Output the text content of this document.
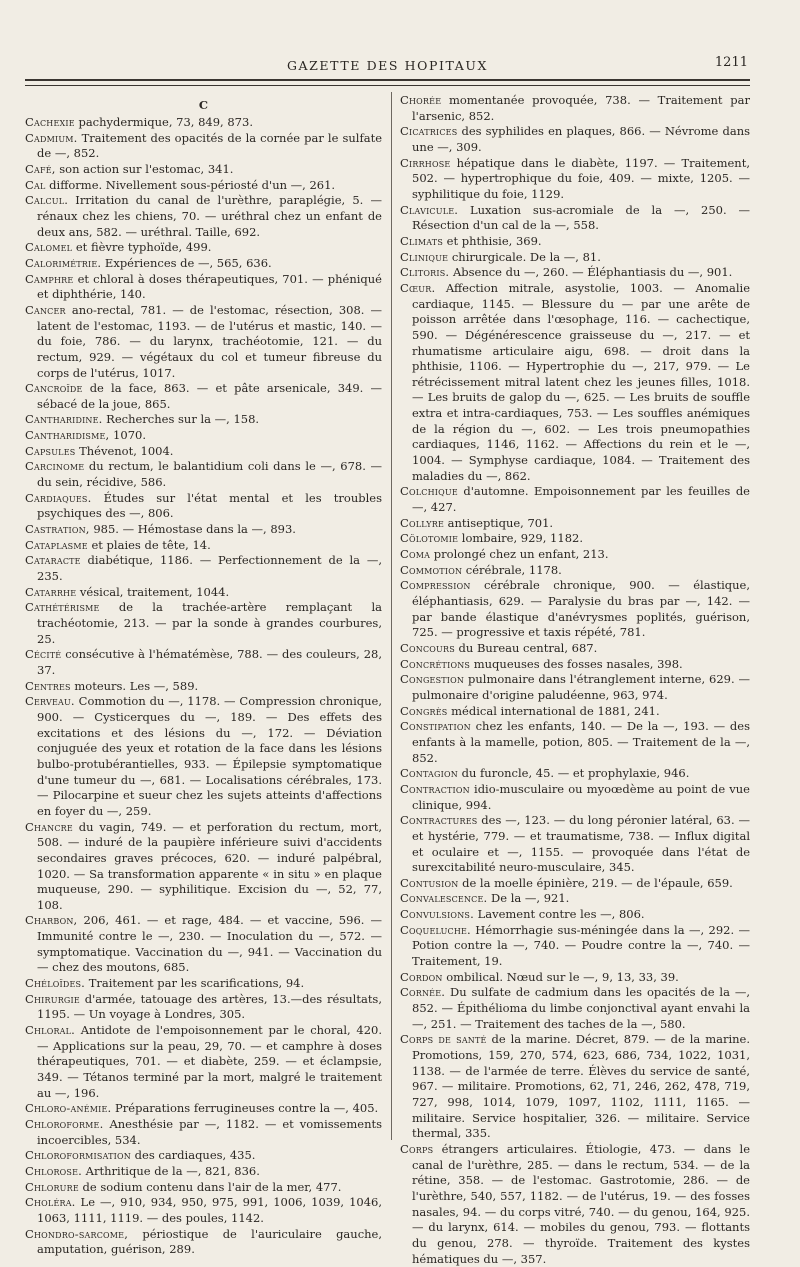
GAZETTE DES HOPITAUX	1211
C

Cachexie pachydermique, 73, 849, 873.

Cadmium. Traitement des opacités de la cornée par le sulfate de —, 852.

Café, son action sur l'estomac, 341.

Cal difforme. Nivellement sous-périosté d'un —, 261.

Calcul. Irritation du canal de l'urèthre, paraplégie, 5. — rénaux chez les chiens, 70. — uréthral chez un enfant de deux ans, 582. — uréthral. Taille, 692.

Calomel et fièvre typhoïde, 499.

Calorimétrie. Expériences de —, 565, 636.

Camphre et chloral à doses thérapeutiques, 701. — phéniqué et diphthérie, 140.

Cancer ano-rectal, 781. — de l'estomac, résection, 308. — latent de l'estomac, 1193. — de l'utérus et mastic, 140. — du foie, 786. — du larynx, trachéotomie, 121. — du rectum, 929. — végétaux du col et tumeur fibreuse du corps de l'utérus, 1017.

Cancroïde de la face, 863. — et pâte arsenicale, 349. — sébacé de la joue, 865.

Cantharidine. Recherches sur la —, 158.

Cantharidisme, 1070.

Capsules Thévenot, 1004.

Carcinome du rectum, le balantidium coli dans le —, 678. — du sein, récidive, 586.

Cardiaques. Études sur l'état mental et les troubles psychiques des —, 806.

Castration, 985. — Hémostase dans la —, 893.

Cataplasme et plaies de tête, 14.

Cataracte diabétique, 1186. — Perfectionnement de la —, 235.

Catarrhe vésical, traitement, 1044.

Cathétérisme de la trachée-artère remplaçant la trachéotomie, 213. — par la sonde à grandes courbures, 25.

Cécité consécutive à l'hématémèse, 788. — des couleurs, 28, 37.

Centres moteurs. Les —, 589.

Cerveau. Commotion du —, 1178. — Compression chronique, 900. — Cysticerques du —, 189. — Des effets des excitations et des lésions du —, 172. — Déviation conjuguée des yeux et rotation de la face dans les lésions bulbo-protubérantielles, 933. — Épilepsie symptomatique d'une tumeur du —, 681. — Localisations cérébrales, 173. — Pilocarpine et sueur chez les sujets atteints d'affections en foyer du —, 259.

Chancre du vagin, 749. — et perforation du rectum, mort, 508. — induré de la paupière inférieure suivi d'accidents secondaires graves précoces, 620. — induré palpébral, 1020. — Sa transformation apparente « in situ » en plaque muqueuse, 290. — syphilitique. Excision du —, 52, 77, 108.

Charbon, 206, 461. — et rage, 484. — et vaccine, 596. — Immunité contre le —, 230. — Inoculation du —, 572. — symptomatique. Vaccination du —, 941. — Vaccination du — chez des moutons, 685.

Chéloïdes. Traitement par les scarifications, 94.

Chirurgie d'armée, tatouage des artères, 13.—des résultats, 1195. — Un voyage à Londres, 305.

Chloral. Antidote de l'empoisonnement par le choral, 420. — Applications sur la peau, 29, 70. — et camphre à doses thérapeutiques, 701. — et diabète, 259. — et éclampsie, 349. — Tétanos terminé par la mort, malgré le traitement au —, 196.

Chloro-anémie. Préparations ferrugineuses contre la —, 405.

Chloroforme. Anesthésie par —, 1182. — et vomissements incoercibles, 534.

Chloroformisation des cardiaques, 435.

Chlorose. Arthritique de la —, 821, 836.

Chlorure de sodium contenu dans l'air de la mer, 477.

Choléra. Le —, 910, 934, 950, 975, 991, 1006, 1039, 1046, 1063, 1111, 1119. — des poules, 1142.

Chondro-sarcome, périostique de l'auriculaire gauche, amputation, guérison, 289.

Chorée momentanée provoquée, 738. — Traitement par l'arsenic, 852.

Cicatrices des syphilides en plaques, 866. — Névrome dans une —, 309.

Cirrhose hépatique dans le diabète, 1197. — Traitement, 502. — hypertrophique du foie, 409. — mixte, 1205. — syphilitique du foie, 1129.

Clavicule. Luxation sus-acromiale de la —, 250. — Résection d'un cal de la —, 558.

Climats et phthisie, 369.

Clinique chirurgicale. De la —, 81.

Clitoris. Absence du —, 260. — Éléphantiasis du —, 901.

Cœur. Affection mitrale, asystolie, 1003. — Anomalie cardiaque, 1145. — Blessure du — par une arête de poisson arrêtée dans l'œsophage, 116. — cachectique, 590. — Dégénérescence graisseuse du —, 217. — et rhumatisme articulaire aigu, 698. — droit dans la phthisie, 1106. — Hypertrophie du —, 217, 979. — Le rétrécissement mitral latent chez les jeunes filles, 1018. — Les bruits de galop du —, 625. — Les bruits de souffle extra et intra-cardiaques, 753. — Les souffles anémiques de la région du —, 602. — Les trois pneumopathies cardiaques, 1146, 1162. — Affections du rein et le —, 1004. — Symphyse cardiaque, 1084. — Traitement des maladies du —, 862.

Colchique d'automne. Empoisonnement par les feuilles de —, 427.

Collyre antiseptique, 701.

Cölotomie lombaire, 929, 1182.

Coma prolongé chez un enfant, 213.

Commotion cérébrale, 1178.

Compression cérébrale chronique, 900. — élastique, éléphantiasis, 629. — Paralysie du bras par —, 142. — par bande élastique d'anévrysmes poplités, guérison, 725. — progressive et taxis répété, 781.

Concours du Bureau central, 687.

Concrétions muqueuses des fosses nasales, 398.

Congestion pulmonaire dans l'étranglement interne, 629. — pulmonaire d'origine paludéenne, 963, 974.

Congrès médical international de 1881, 241.

Constipation chez les enfants, 140. — De la —, 193. — des enfants à la mamelle, potion, 805. — Traitement de la —, 852.

Contagion du furoncle, 45. — et prophylaxie, 946.

Contraction idio-musculaire ou myoœdème au point de vue clinique, 994.

Contractures des —, 123. — du long péronier latéral, 63. — et hystérie, 779. — et traumatisme, 738. — Influx digital et oculaire et —, 1155. — provoquée dans l'état de surexcitabilité neuro-musculaire, 345.

Contusion de la moelle épinière, 219. — de l'épaule, 659.

Convalescence. De la —, 921.

Convulsions. Lavement contre les —, 806.

Coqueluche. Hémorrhagie sus-méningée dans la —, 292. — Potion contre la —, 740. — Poudre contre la —, 740. — Traitement, 19.

Cordon ombilical. Nœud sur le —, 9, 13, 33, 39.

Cornée. Du sulfate de cadmium dans les opacités de la —, 852. — Épithélioma du limbe conjonctival ayant envahi la —, 251. — Traitement des taches de la —, 580.

Corps de santé de la marine. Décret, 879. — de la marine. Promotions, 159, 270, 574, 623, 686, 734, 1022, 1031, 1138. — de l'armée de terre. Élèves du service de santé, 967. — militaire. Promotions, 62, 71, 246, 262, 478, 719, 727, 998, 1014, 1079, 1097, 1102, 1111, 1165. — militaire. Service hospitalier, 326. — militaire. Service thermal, 335.

Corps étrangers articulaires. Étiologie, 473. — dans le canal de l'urèthre, 285. — dans le rectum, 534. — de la rétine, 358. — de l'estomac. Gastrotomie, 286. — de l'urèthre, 540, 557, 1182. — de l'utérus, 19. — des fosses nasales, 94. — du corps vitré, 740. — du genou, 164, 925. — du larynx, 614. — mobiles du genou, 793. — flottants du genou, 278. — thyroïde. Traitement des kystes hématiques du —, 357.
